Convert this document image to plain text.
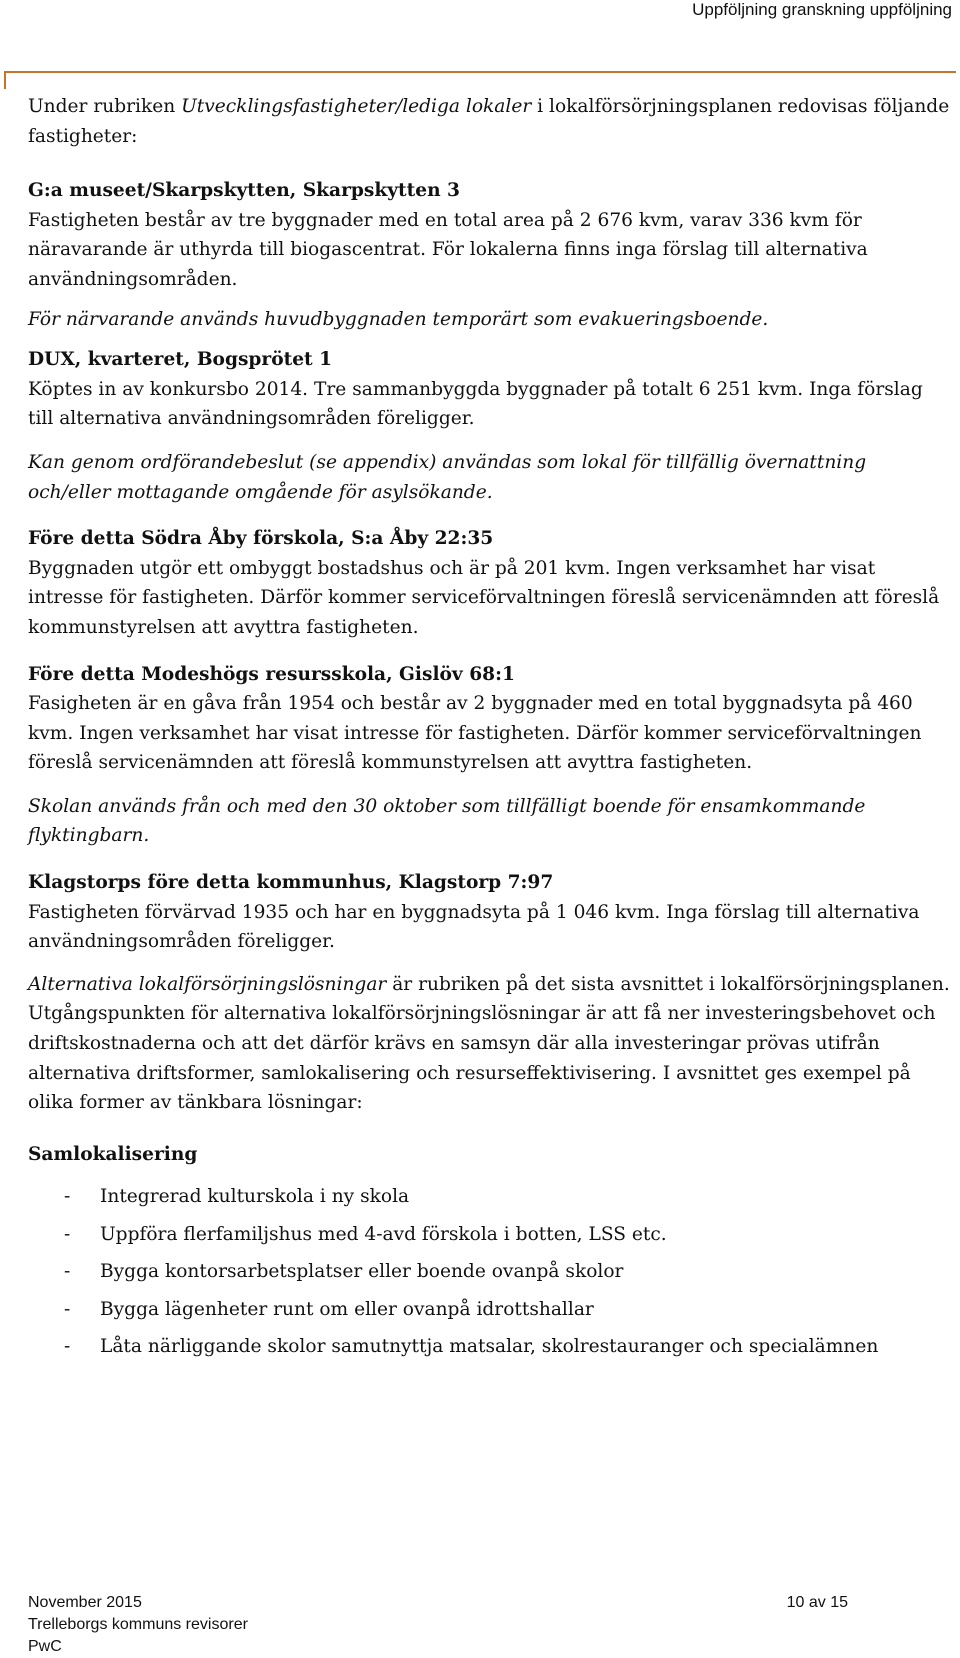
Uppföljning granskning uppföljning

Under rubriken Utvecklingsfastigheter/lediga lokaler i lokalförsörjningsplanen redovisas följande fastigheter:

G:a museet/Skarpskytten, Skarpskytten 3

Fastigheten består av tre byggnader med en total area på 2 676 kvm, varav 336 kvm för näravarande är uthyrda till biogascentrat. För lokalerna finns inga förslag till alternativa användningsområden.

För närvarande används huvudbyggnaden temporärt som evakueringsboende.

DUX, kvarteret, Bogsprötet 1

Köptes in av konkursbo 2014. Tre sammanbyggda byggnader på totalt 6 251 kvm. Inga förslag till alternativa användningsområden föreligger.

Kan genom ordförandebeslut (se appendix) användas som lokal för tillfällig övernattning och/eller mottagande omgående för asylsökande.

Före detta Södra Åby förskola, S:a Åby 22:35

Byggnaden utgör ett ombyggt bostadshus och är på 201 kvm. Ingen verksamhet har visat intresse för fastigheten. Därför kommer serviceförvaltningen föreslå servicenämnden att föreslå kommunstyrelsen att avyttra fastigheten.

Före detta Modeshögs resursskola, Gislöv 68:1

Fasigheten är en gåva från 1954 och består av 2 byggnader med en total byggnadsyta på 460 kvm. Ingen verksamhet har visat intresse för fastigheten. Därför kommer serviceförvaltningen föreslå servicenämnden att föreslå kommunstyrelsen att avyttra fastigheten.

Skolan används från och med den 30 oktober som tillfälligt boende för ensamkommande flyktingbarn.

Klagstorps före detta kommunhus, Klagstorp 7:97

Fastigheten förvärvad 1935 och har en byggnadsyta på 1 046 kvm. Inga förslag till alternativa användningsområden föreligger.

Alternativa lokalförsörjningslösningar är rubriken på det sista avsnittet i lokalförsörjningsplanen. Utgångspunkten för alternativa lokalförsörjningslösningar är att få ner investeringsbehovet och driftskostnaderna och att det därför krävs en samsyn där alla investeringar prövas utifrån alternativa driftsformer, samlokalisering och resurseffektivisering. I avsnittet ges exempel på olika former av tänkbara lösningar:

Samlokalisering

- Integrerad kulturskola i ny skola
- Uppföra flerfamiljshus med 4-avd förskola i botten, LSS etc.
- Bygga kontorsarbetsplatser eller boende ovanpå skolor
- Bygga lägenheter runt om eller ovanpå idrottshallar
- Låta närliggande skolor samutnyttja matsalar, skolrestauranger och specialämnen
November 2015	10 av 15
Trelleborgs kommuns revisorer
PwC
